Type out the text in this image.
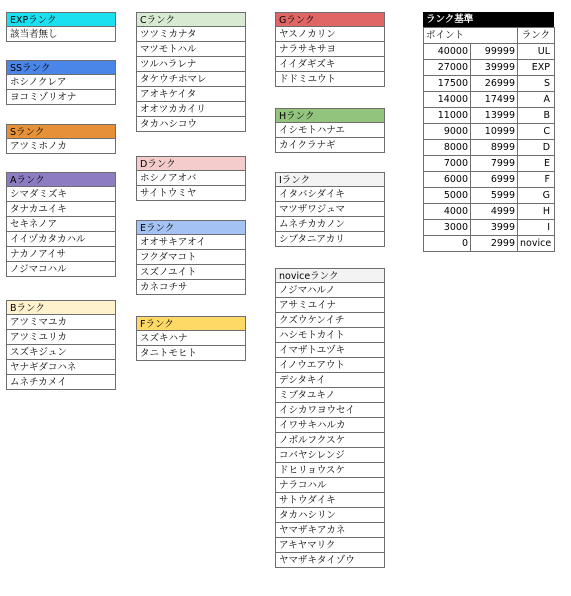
EXPランク
該当者無し
SSランク
ホシノクレア
ヨコミゾリオナ
Sランク
アツミホノカ
Aランク
シマダミズキ
タナカユイキ
セキネノア
イイヅカタカハル
ナカノアイサ
ノジマコハル
Bランク
アツミマユカ
アツミユリカ
スズキジュン
ヤナギダコハネ
ムネチカメイ
Cランク
ツツミカナタ
マツモトハル
ツルハラレナ
タケウチホマレ
アオキケイタ
オオツカカイリ
タカハシコウ
Dランク
ホシノアオバ
サイトウミヤ
Eランク
オオサキアオイ
フクダマコト
スズノユイト
カネコチサ
Fランク
スズキハナ
タニトモヒト
Gランク
ヤスノカリン
ナラサキサヨ
イイダギズキ
ドドミユウト
Hランク
イシモトハナエ
カイクラナギ
Iランク
イタバシダイキ
マツザワジュマ
ムネチカカノン
シブタニアカリ
noviceランク
ノジマハルノ
アサミユイナ
クズウケンイチ
ハシモトカイト
イマザトユヅキ
イノウエアウト
デシタキイ
ミブタユキノ
イシカワヨウセイ
イワサキハルカ
ノボルフクスケ
コバヤシレンジ
ドヒリョウスケ
ナラコハル
サトウダイキ
タカハシリン
ヤマザキアカネ
アキヤマリク
ヤマザキタイゾウ
ランク基準
ポイント		ランク
40000	99999	UL
27000	39999	EXP
17500	26999	S
14000	17499	A
11000	13999	B
9000	10999	C
8000	8999	D
7000	7999	E
6000	6999	F
5000	5999	G
4000	4999	H
3000	3999	I
0	2999	novice
